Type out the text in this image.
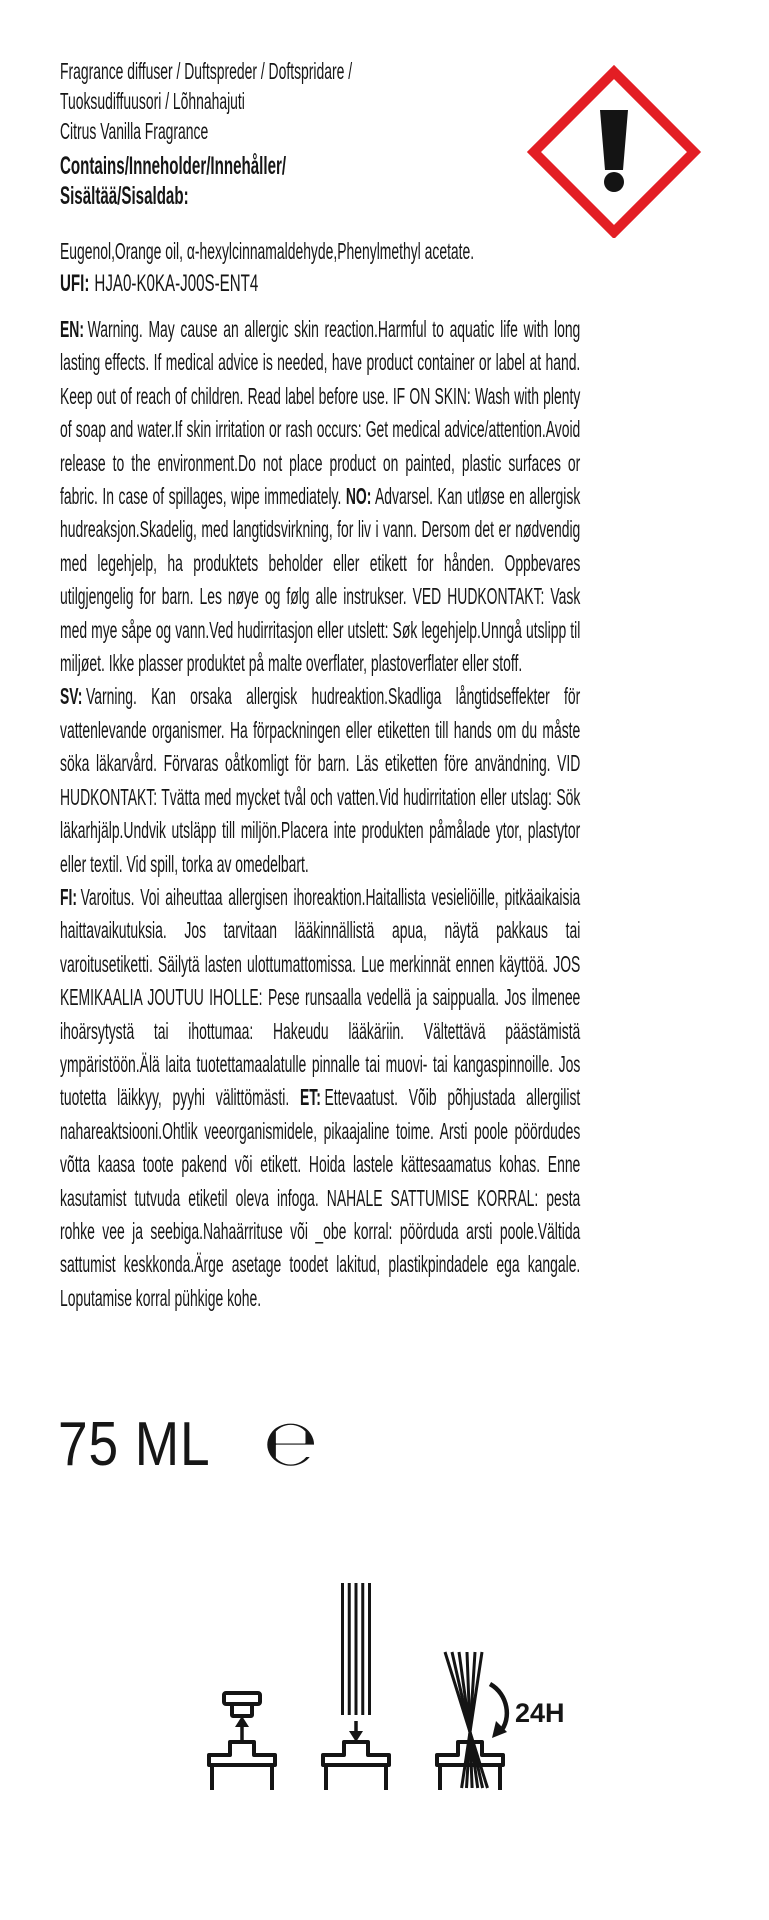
Fragrance diffuser / Duftspreder / Doftspridare /
Tuoksudiffuusori / Lõhnahajuti
Citrus Vanilla Fragrance
Contains/Inneholder/Innehåller/
Sisältää/Sisaldab:
Eugenol,Orange oil, α-hexylcinnamaldehyde,Phenylmethyl acetate.
UFI: HJA0-K0KA-J00S-ENT4

EN: Warning. May cause an allergic skin reaction.Harmful to aquatic life with long lasting effects. If medical advice is needed, have product container or label at hand. Keep out of reach of children. Read label before use. IF ON SKIN: Wash with plenty of soap and water.If skin irritation or rash occurs: Get medical advice/attention.Avoid release to the environment.Do not place product on painted, plastic surfaces or fabric. In case of spillages, wipe immediately. NO: Advarsel. Kan utløse en allergisk hudreaksjon.Skadelig, med langtidsvirkning, for liv i vann. Dersom det er nødvendig med legehjelp, ha produktets beholder eller etikett for hånden. Oppbevares utilgjengelig for barn. Les nøye og følg alle instrukser. VED HUDKONTAKT: Vask med mye såpe og vann.Ved hudirritasjon eller utslett: Søk legehjelp.Unngå utslipp til miljøet. Ikke plasser produktet på malte overflater, plastoverflater eller stoff.

SV: Varning. Kan orsaka allergisk hudreaktion.Skadliga långtidseffekter för vattenlevande organismer. Ha förpackningen eller etiketten till hands om du måste söka läkarvård. Förvaras oåtkomligt för barn. Läs etiketten före användning. VID HUDKONTAKT: Tvätta med mycket tvål och vatten.Vid hudirritation eller utslag: Sök läkarhjälp.Undvik utsläpp till miljön.Placera inte produkten påmålade ytor, plastytor eller textil. Vid spill, torka av omedelbart.

FI: Varoitus. Voi aiheuttaa allergisen ihoreaktion.Haitallista vesieliöille, pitkäaikaisia haittavaikutuksia. Jos tarvitaan lääkinnällistä apua, näytä pakkaus tai varoitusetiketti. Säilytä lasten ulottumattomissa. Lue merkinnät ennen käyttöä. JOS KEMIKAALIA JOUTUU IHOLLE: Pese runsaalla vedellä ja saippualla. Jos ilmenee ihoärsytystä tai ihottumaa: Hakeudu lääkäriin. Vältettävä päästämistä ympäristöön.Älä laita tuotettamaalatulle pinnalle tai muovi- tai kangaspinnoille. Jos tuotetta läikkyy, pyyhi välittömästi. ET: Ettevaatust. Võib põhjustada allergilist nahareaktsiooni.Ohtlik veeorganismidele, pikaajaline toime. Arsti poole pöördudes võtta kaasa toote pakend või etikett. Hoida lastele kättesaamatus kohas. Enne kasutamist tutvuda etiketil oleva infoga. NAHALE SATTUMISE KORRAL: pesta rohke vee ja seebiga.Nahaärrituse või _obe korral: pöörduda arsti poole.Vältida sattumist keskkonda.Ärge asetage toodet lakitud, plastikpindadele ega kangale. Loputamise korral pühkige kohe.

75 ML ℮
24H
